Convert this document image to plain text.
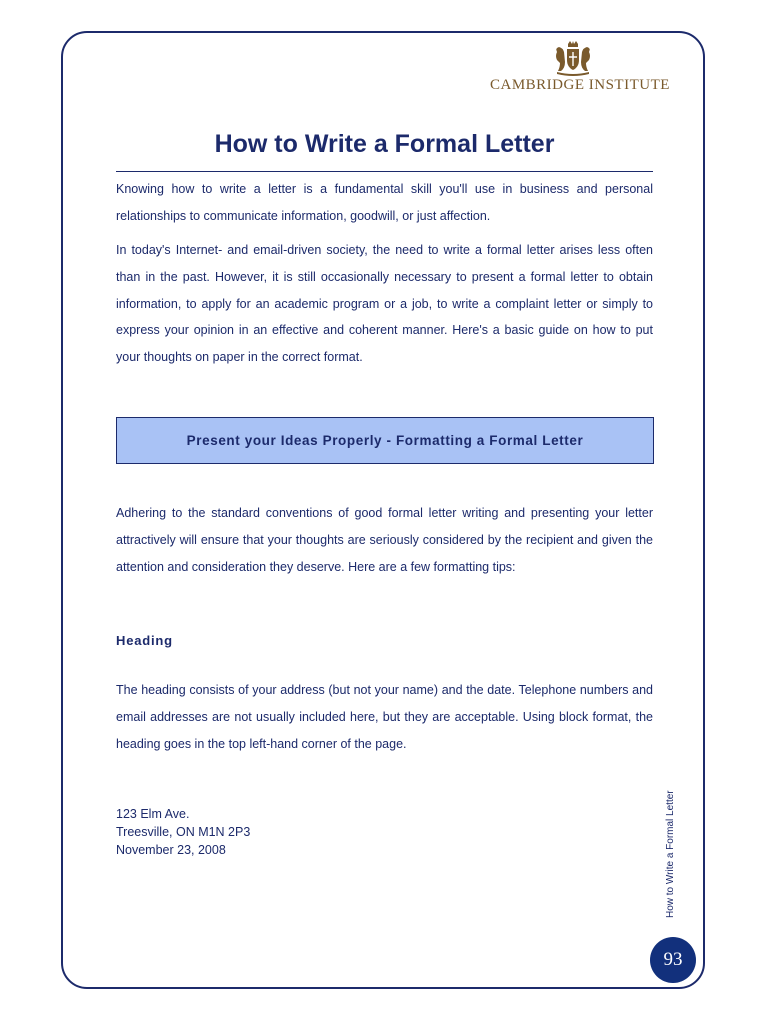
CAMBRIDGE INSTITUTE
How to Write a Formal Letter

Knowing how to write a letter is a fundamental skill you'll use in business and personal relationships to communicate information, goodwill, or just affection.

In today's Internet- and email-driven society, the need to write a formal letter arises less often than in the past. However, it is still occasionally necessary to present a formal letter to obtain information, to apply for an academic program or a job, to write a complaint letter or simply to express your opinion in an effective and coherent manner. Here's a basic guide on how to put your thoughts on paper in the correct format.

Present your Ideas Properly - Formatting a Formal Letter

Adhering to the standard conventions of good formal letter writing and presenting your letter attractively will ensure that your thoughts are seriously considered by the recipient and given the attention and consideration they deserve. Here are a few formatting tips:

Heading

The heading consists of your address (but not your name) and the date. Telephone numbers and email addresses are not usually included here, but they are acceptable. Using block format, the heading goes in the top left-hand corner of the page.

123 Elm Ave.
Treesville, ON M1N 2P3
November 23, 2008	How to Write a Formal Letter
93
